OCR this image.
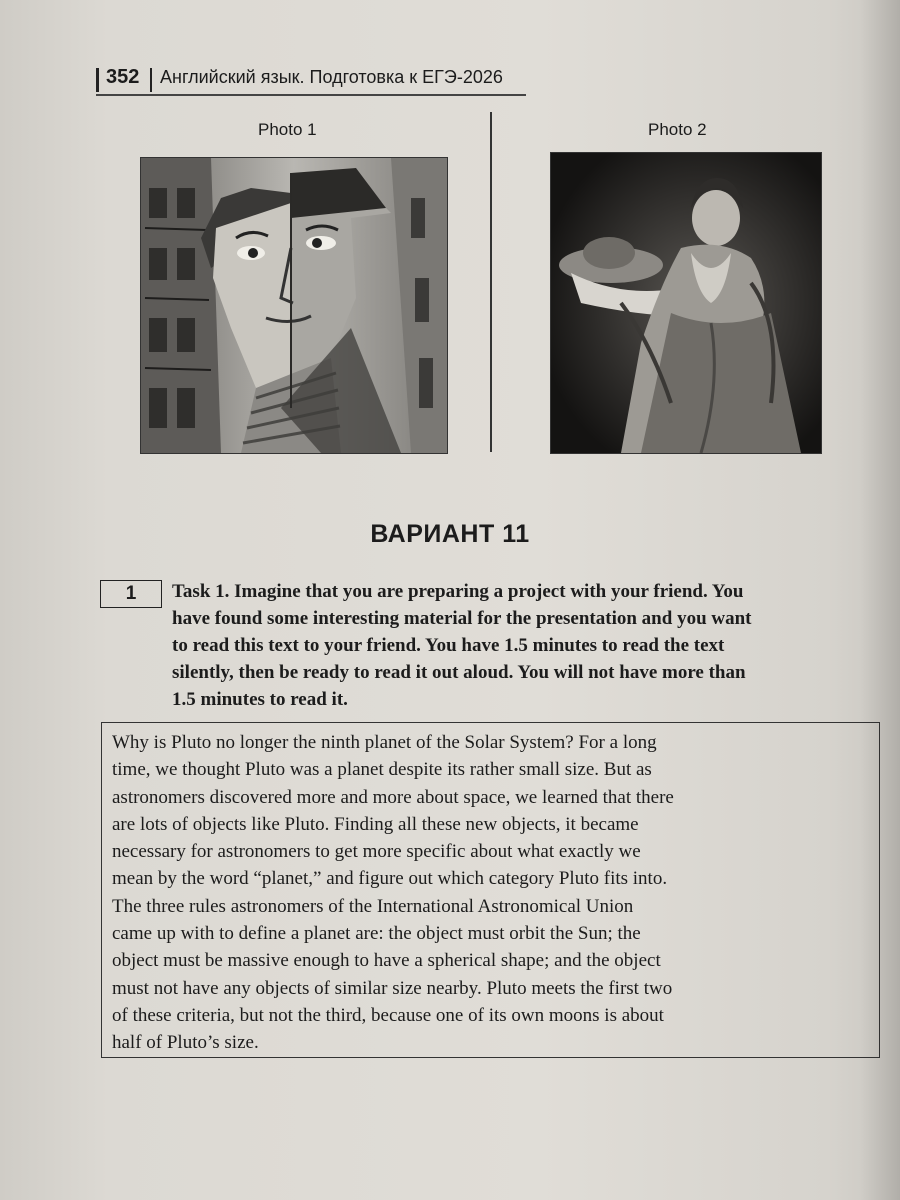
352 Английский язык. Подготовка к ЕГЭ-2026
Photo 1	Photo 2
ВАРИАНТ 11
1	Task 1. Imagine that you are preparing a project with your friend. You
have found some interesting material for the presentation and you want
to read this text to your friend. You have 1.5 minutes to read the text
silently, then be ready to read it out aloud. You will not have more than
1.5 minutes to read it.
Why is Pluto no longer the ninth planet of the Solar System? For a long
time, we thought Pluto was a planet despite its rather small size. But as
astronomers discovered more and more about space, we learned that there
are lots of objects like Pluto. Finding all these new objects, it became
necessary for astronomers to get more specific about what exactly we
mean by the word “planet,” and figure out which category Pluto fits into.
The three rules astronomers of the International Astronomical Union
came up with to define a planet are: the object must orbit the Sun; the
object must be massive enough to have a spherical shape; and the object
must not have any objects of similar size nearby. Pluto meets the first two
of these criteria, but not the third, because one of its own moons is about
half of Pluto’s size.
